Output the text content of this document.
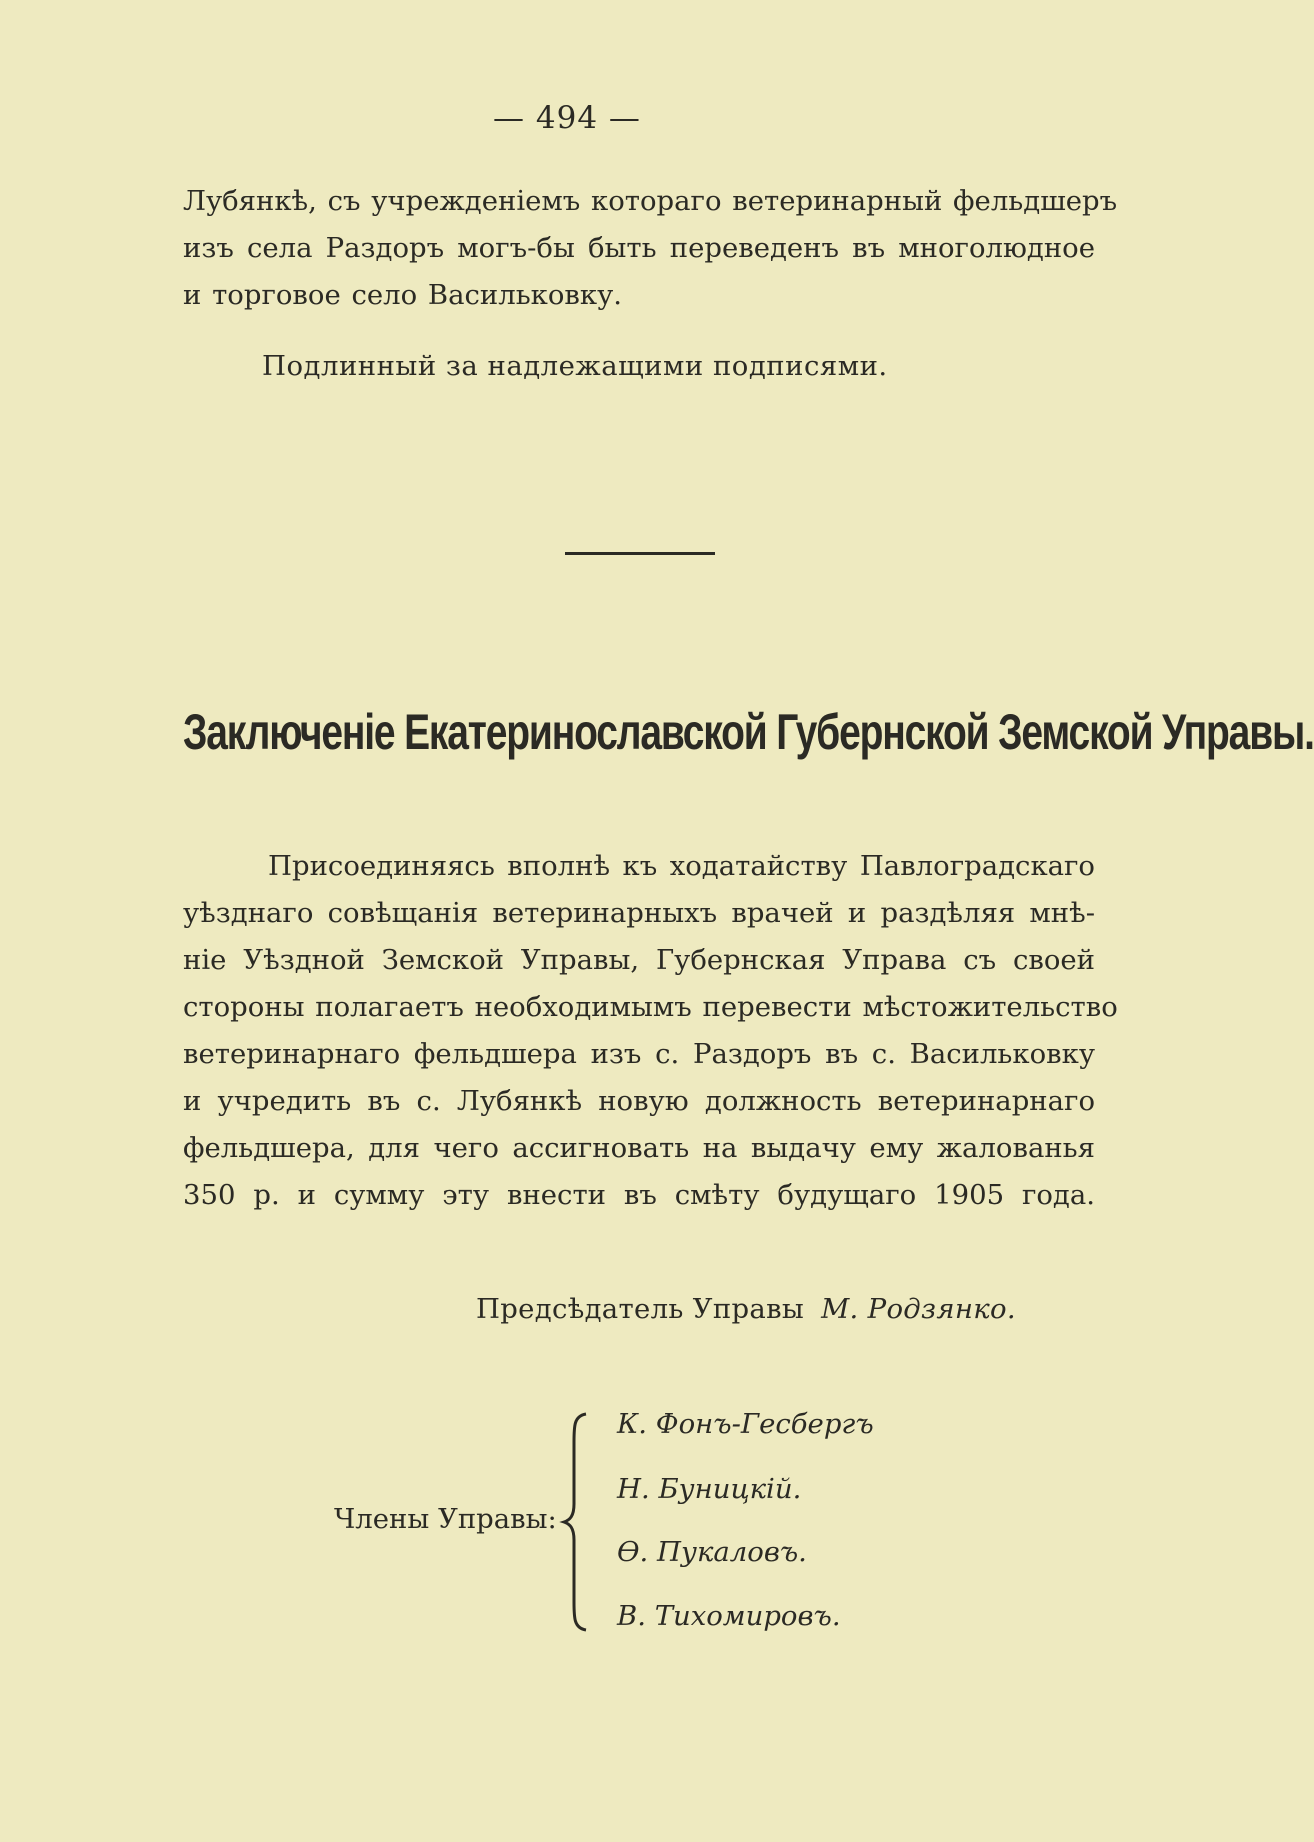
— 494 —
Лубянкѣ, съ учрежденіемъ котораго ветеринарный фельдшеръ
изъ села Раздоръ могъ-бы быть переведенъ въ многолюдное
и торговое село Васильковку.
Подлинный за надлежащими подписями.
Заключеніе Екатеринославской Губернской Земской Управы.
Присоединяясь вполнѣ къ ходатайству Павлоградскаго
уѣзднаго совѣщанія ветеринарныхъ врачей и раздѣляя мнѣ-
ніе Уѣздной Земской Управы, Губернская Управа съ своей
стороны полагаетъ необходимымъ перевести мѣстожительство
ветеринарнаго фельдшера изъ с. Раздоръ въ с. Васильковку
и учредить въ с. Лубянкѣ новую должность ветеринарнаго
фельдшера, для чего ассигновать на выдачу ему жалованья
350 р. и сумму эту внести въ смѣту будущаго 1905 года.
Предсѣдатель Управы М. Родзянко.
Члены Управы:
К. Фонъ-Гесбергъ
Н. Буницкій.
Ѳ. Пукаловъ.
В. Тихомировъ.
